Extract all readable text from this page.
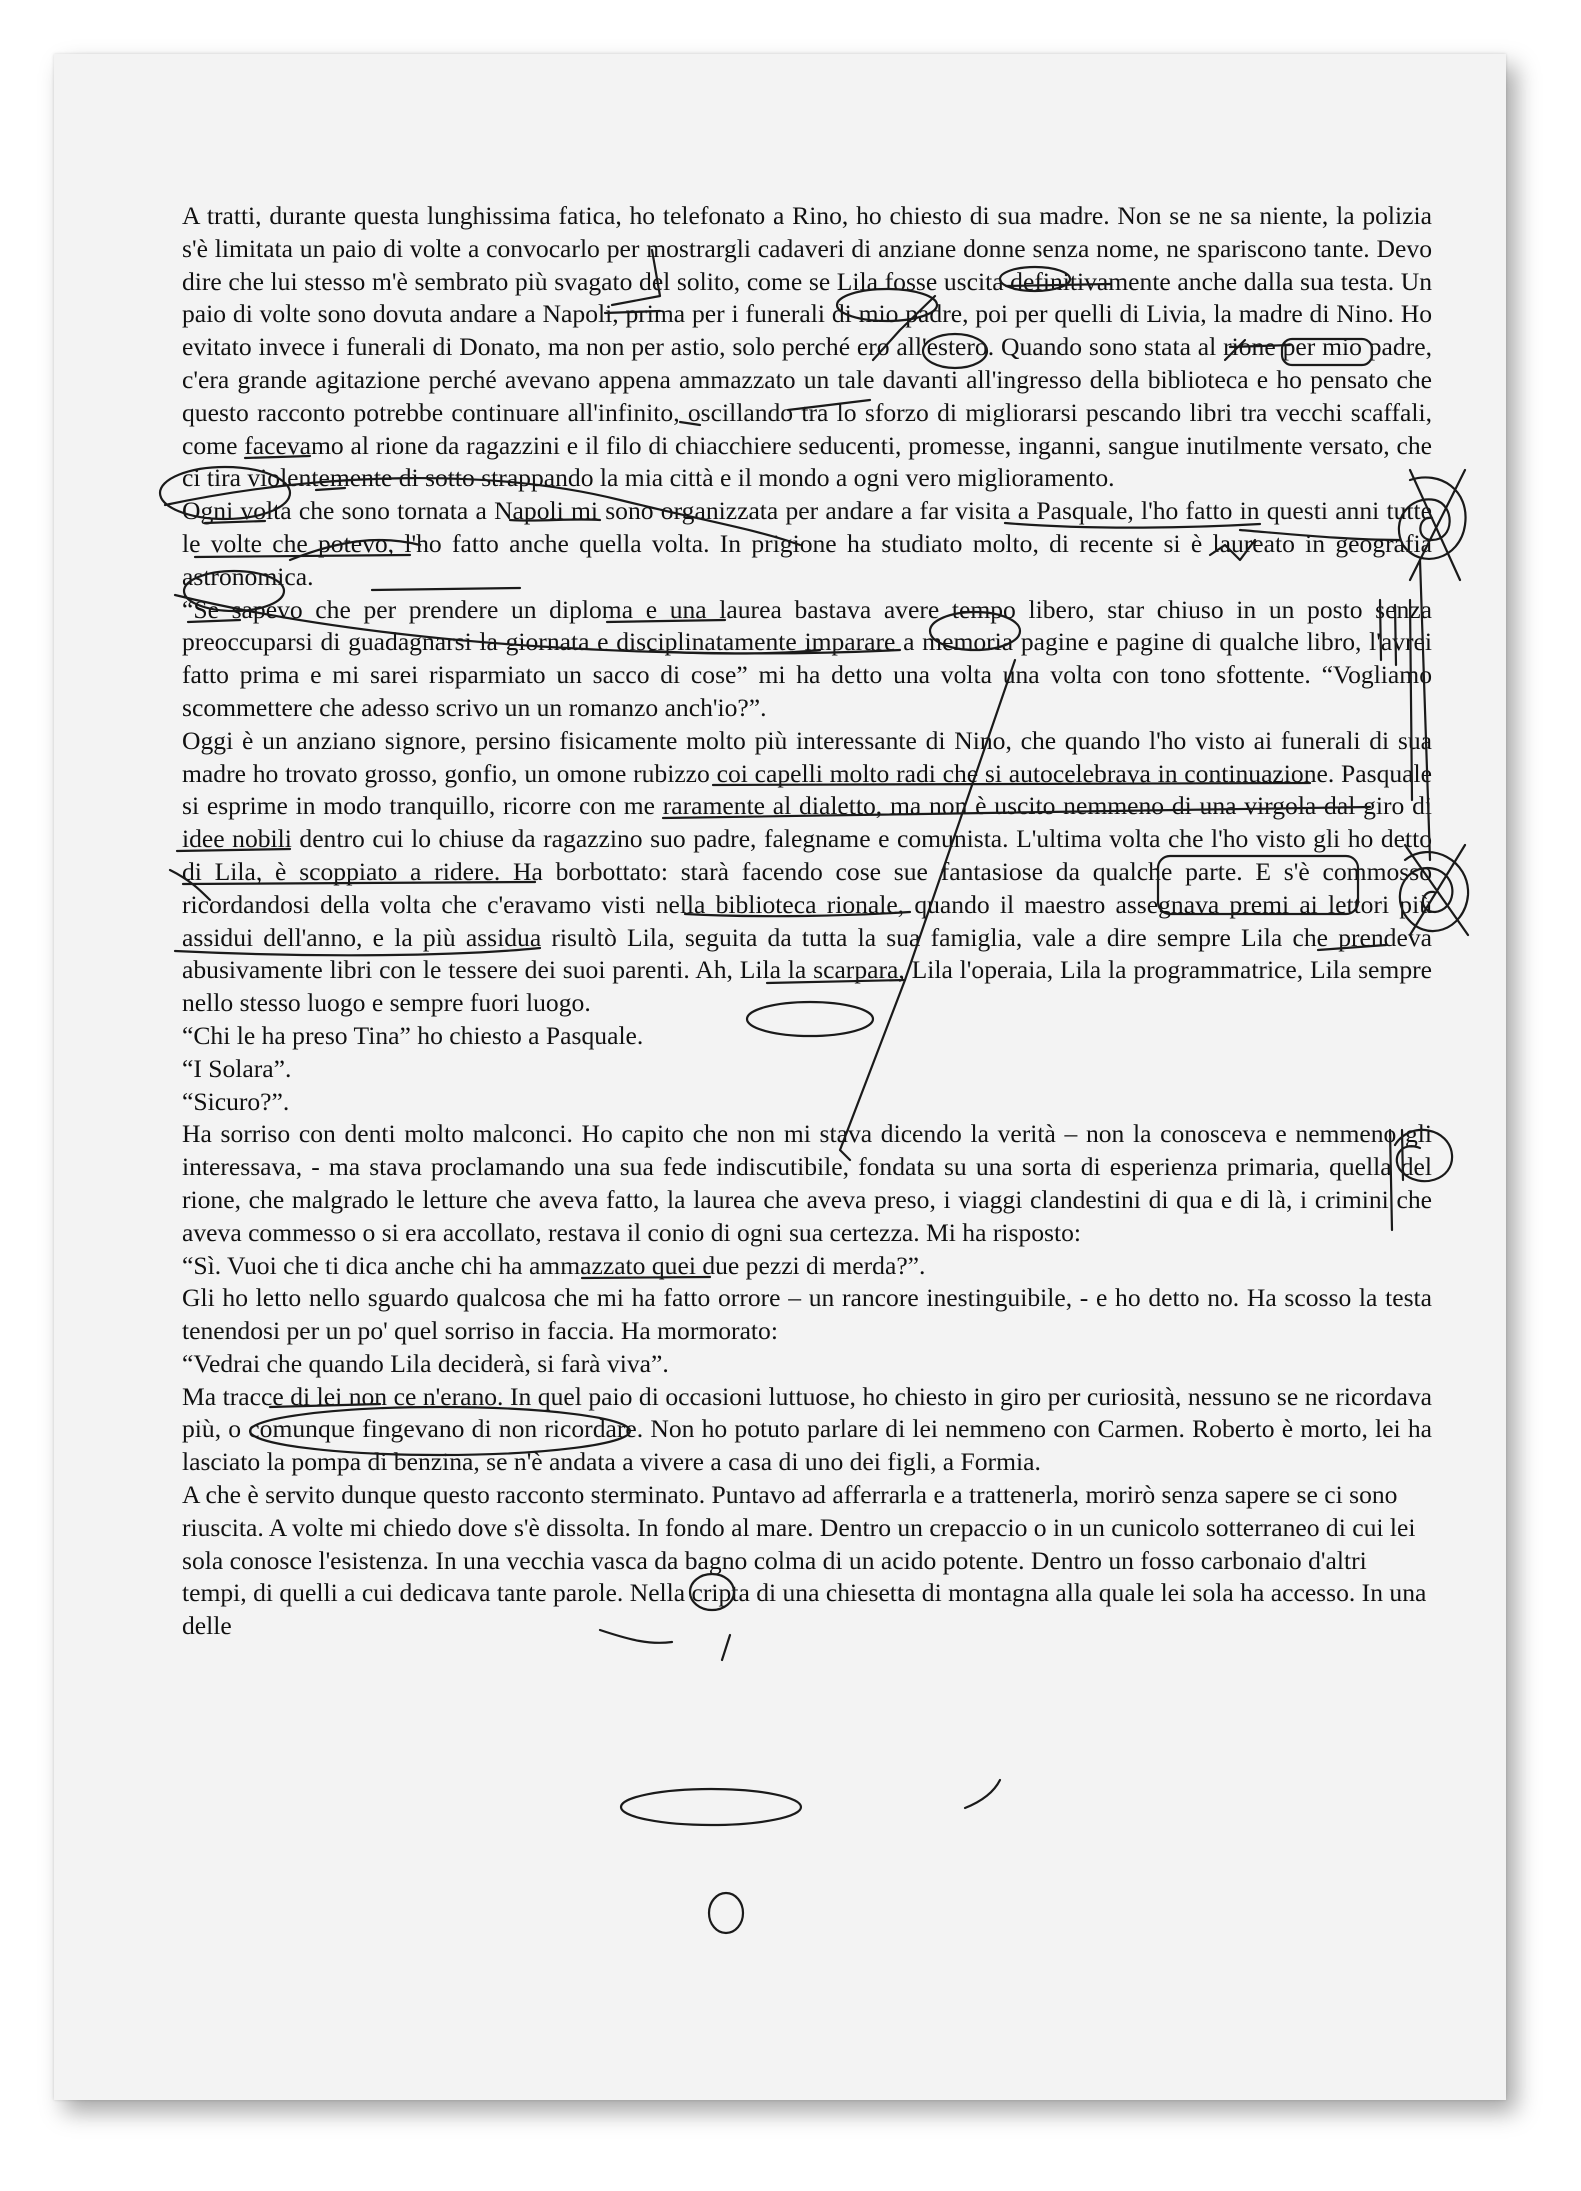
A tratti, durante questa lunghissima fatica, ho telefonato a Rino, ho chiesto di sua madre. Non se ne sa niente, la polizia s'è limitata un paio di volte a convocarlo per mostrargli cadaveri di anziane donne senza nome, ne spariscono tante. Devo dire che lui stesso m'è sembrato più svagato del solito, come se Lila fosse uscita definitivamente anche dalla sua testa. Un paio di volte sono dovuta andare a Napoli, prima per i funerali di mio padre, poi per quelli di Livia, la madre di Nino. Ho evitato invece i funerali di Donato, ma non per astio, solo perché ero all'estero. Quando sono stata al rione per mio padre, c'era grande agitazione perché avevano appena ammazzato un tale davanti all'ingresso della biblioteca e ho pensato che questo racconto potrebbe continuare all'infinito, oscillando tra lo sforzo di migliorarsi pescando libri tra vecchi scaffali, come facevamo al rione da ragazzini e il filo di chiacchiere seducenti, promesse, inganni, sangue inutilmente versato, che ci tira violentemente di sotto strappando la mia città e il mondo a ogni vero miglioramento.

Ogni volta che sono tornata a Napoli mi sono organizzata per andare a far visita a Pasquale, l'ho fatto in questi anni tutte le volte che potevo, l'ho fatto anche quella volta. In prigione ha studiato molto, di recente si è laureato in geografia astronomica.

“Se sapevo che per prendere un diploma e una laurea bastava avere tempo libero, star chiuso in un posto senza preoccuparsi di guadagnarsi la giornata e disciplinatamente imparare a memoria pagine e pagine di qualche libro, l'avrei fatto prima e mi sarei risparmiato un sacco di cose” mi ha detto una volta una volta con tono sfottente. “Vogliamo scommettere che adesso scrivo un un romanzo anch'io?”.

Oggi è un anziano signore, persino fisicamente molto più interessante di Nino, che quando l'ho visto ai funerali di sua madre ho trovato grosso, gonfio, un omone rubizzo coi capelli molto radi che si autocelebrava in continuazione. Pasquale si esprime in modo tranquillo, ricorre con me raramente al dialetto, ma non è uscito nemmeno di una virgola dal giro di idee nobili dentro cui lo chiuse da ragazzino suo padre, falegname e comunista. L'ultima volta che l'ho visto gli ho detto di Lila, è scoppiato a ridere. Ha borbottato: starà facendo cose sue fantasiose da qualche parte. E s'è commosso ricordandosi della volta che c'eravamo visti nella biblioteca rionale, quando il maestro assegnava premi ai lettori più assidui dell'anno, e la più assidua risultò Lila, seguita da tutta la sua famiglia, vale a dire sempre Lila che prendeva abusivamente libri con le tessere dei suoi parenti. Ah, Lila la scarpara, Lila l'operaia, Lila la programmatrice, Lila sempre nello stesso luogo e sempre fuori luogo.

“Chi le ha preso Tina” ho chiesto a Pasquale.

“I Solara”.

“Sicuro?”.

Ha sorriso con denti molto malconci. Ho capito che non mi stava dicendo la verità – non la conosceva e nemmeno gli interessava, - ma stava proclamando una sua fede indiscutibile, fondata su una sorta di esperienza primaria, quella del rione, che malgrado le letture che aveva fatto, la laurea che aveva preso, i viaggi clandestini di qua e di là, i crimini che aveva commesso o si era accollato, restava il conio di ogni sua certezza. Mi ha risposto:

“Sì. Vuoi che ti dica anche chi ha ammazzato quei due pezzi di merda?”.

Gli ho letto nello sguardo qualcosa che mi ha fatto orrore – un rancore inestinguibile, - e ho detto no. Ha scosso la testa tenendosi per un po' quel sorriso in faccia. Ha mormorato:

“Vedrai che quando Lila deciderà, si farà viva”.

Ma tracce di lei non ce n'erano. In quel paio di occasioni luttuose, ho chiesto in giro per curiosità, nessuno se ne ricordava più, o comunque fingevano di non ricordare. Non ho potuto parlare di lei nemmeno con Carmen. Roberto è morto, lei ha lasciato la pompa di benzina, se n'è andata a vivere a casa di uno dei figli, a Formia.

A che è servito dunque questo racconto sterminato. Puntavo ad afferrarla e a trattenerla, morirò senza sapere se ci sono riuscita. A volte mi chiedo dove s'è dissolta. In fondo al mare. Dentro un crepaccio o in un cunicolo sotterraneo di cui lei sola conosce l'esistenza. In una vecchia vasca da bagno colma di un acido potente. Dentro un fosso carbonaio d'altri tempi, di quelli a cui dedicava tante parole. Nella cripta di una chiesetta di montagna alla quale lei sola ha accesso. In una delle
